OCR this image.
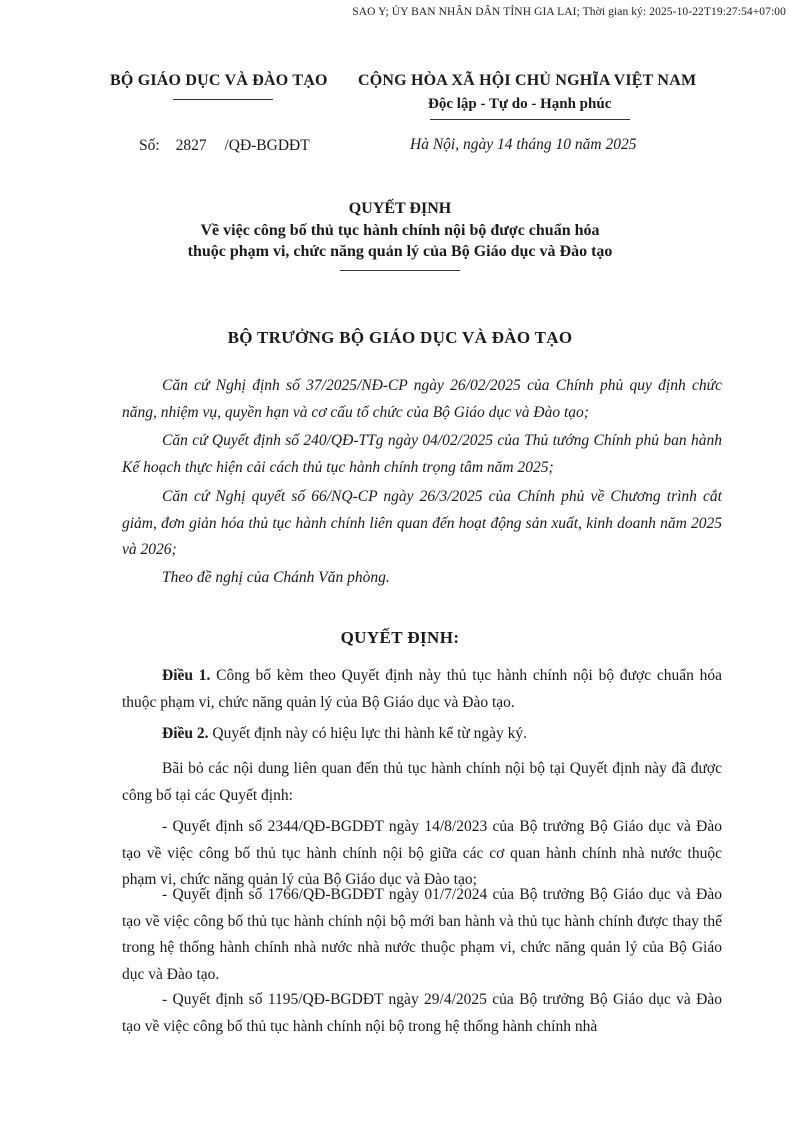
SAO Y; ỦY BAN NHÂN DÂN TỈNH GIA LAI; Thời gian ký: 2025-10-22T19:27:54+07:00
BỘ GIÁO DỤC VÀ ĐÀO TẠO CỘNG HÒA XÃ HỘI CHỦ NGHĨA VIỆT NAM
Độc lập - Tự do - Hạnh phúc
Số: 2827 /QĐ-BGDĐT	Hà Nội, ngày 14 tháng 10 năm 2025
QUYẾT ĐỊNH
Về việc công bố thủ tục hành chính nội bộ được chuẩn hóa
thuộc phạm vi, chức năng quản lý của Bộ Giáo dục và Đào tạo
BỘ TRƯỞNG BỘ GIÁO DỤC VÀ ĐÀO TẠO
Căn cứ Nghị định số 37/2025/NĐ-CP ngày 26/02/2025 của Chính phủ quy định chức năng, nhiệm vụ, quyền hạn và cơ cấu tổ chức của Bộ Giáo dục và Đào tạo;
Căn cứ Quyết định số 240/QĐ-TTg ngày 04/02/2025 của Thủ tướng Chính phủ ban hành Kế hoạch thực hiện cải cách thủ tục hành chính trọng tâm năm 2025;
Căn cứ Nghị quyết số 66/NQ-CP ngày 26/3/2025 của Chính phủ về Chương trình cắt giảm, đơn giản hóa thủ tục hành chính liên quan đến hoạt động sản xuất, kinh doanh năm 2025 và 2026;
Theo đề nghị của Chánh Văn phòng.
QUYẾT ĐỊNH:
Điều 1. Công bố kèm theo Quyết định này thủ tục hành chính nội bộ được chuẩn hóa thuộc phạm vi, chức năng quản lý của Bộ Giáo dục và Đào tạo.
Điều 2. Quyết định này có hiệu lực thi hành kể từ ngày ký.
Bãi bỏ các nội dung liên quan đến thủ tục hành chính nội bộ tại Quyết định này đã được công bố tại các Quyết định:
- Quyết định số 2344/QĐ-BGDĐT ngày 14/8/2023 của Bộ trưởng Bộ Giáo dục và Đào tạo về việc công bố thủ tục hành chính nội bộ giữa các cơ quan hành chính nhà nước thuộc phạm vi, chức năng quản lý của Bộ Giáo dục và Đào tạo;
- Quyết định số 1766/QĐ-BGDĐT ngày 01/7/2024 của Bộ trưởng Bộ Giáo dục và Đào tạo về việc công bố thủ tục hành chính nội bộ mới ban hành và thủ tục hành chính được thay thế trong hệ thống hành chính nhà nước nhà nước thuộc phạm vi, chức năng quản lý của Bộ Giáo dục và Đào tạo.
- Quyết định số 1195/QĐ-BGDĐT ngày 29/4/2025 của Bộ trưởng Bộ Giáo dục và Đào tạo về việc công bố thủ tục hành chính nội bộ trong hệ thống hành chính nhà
